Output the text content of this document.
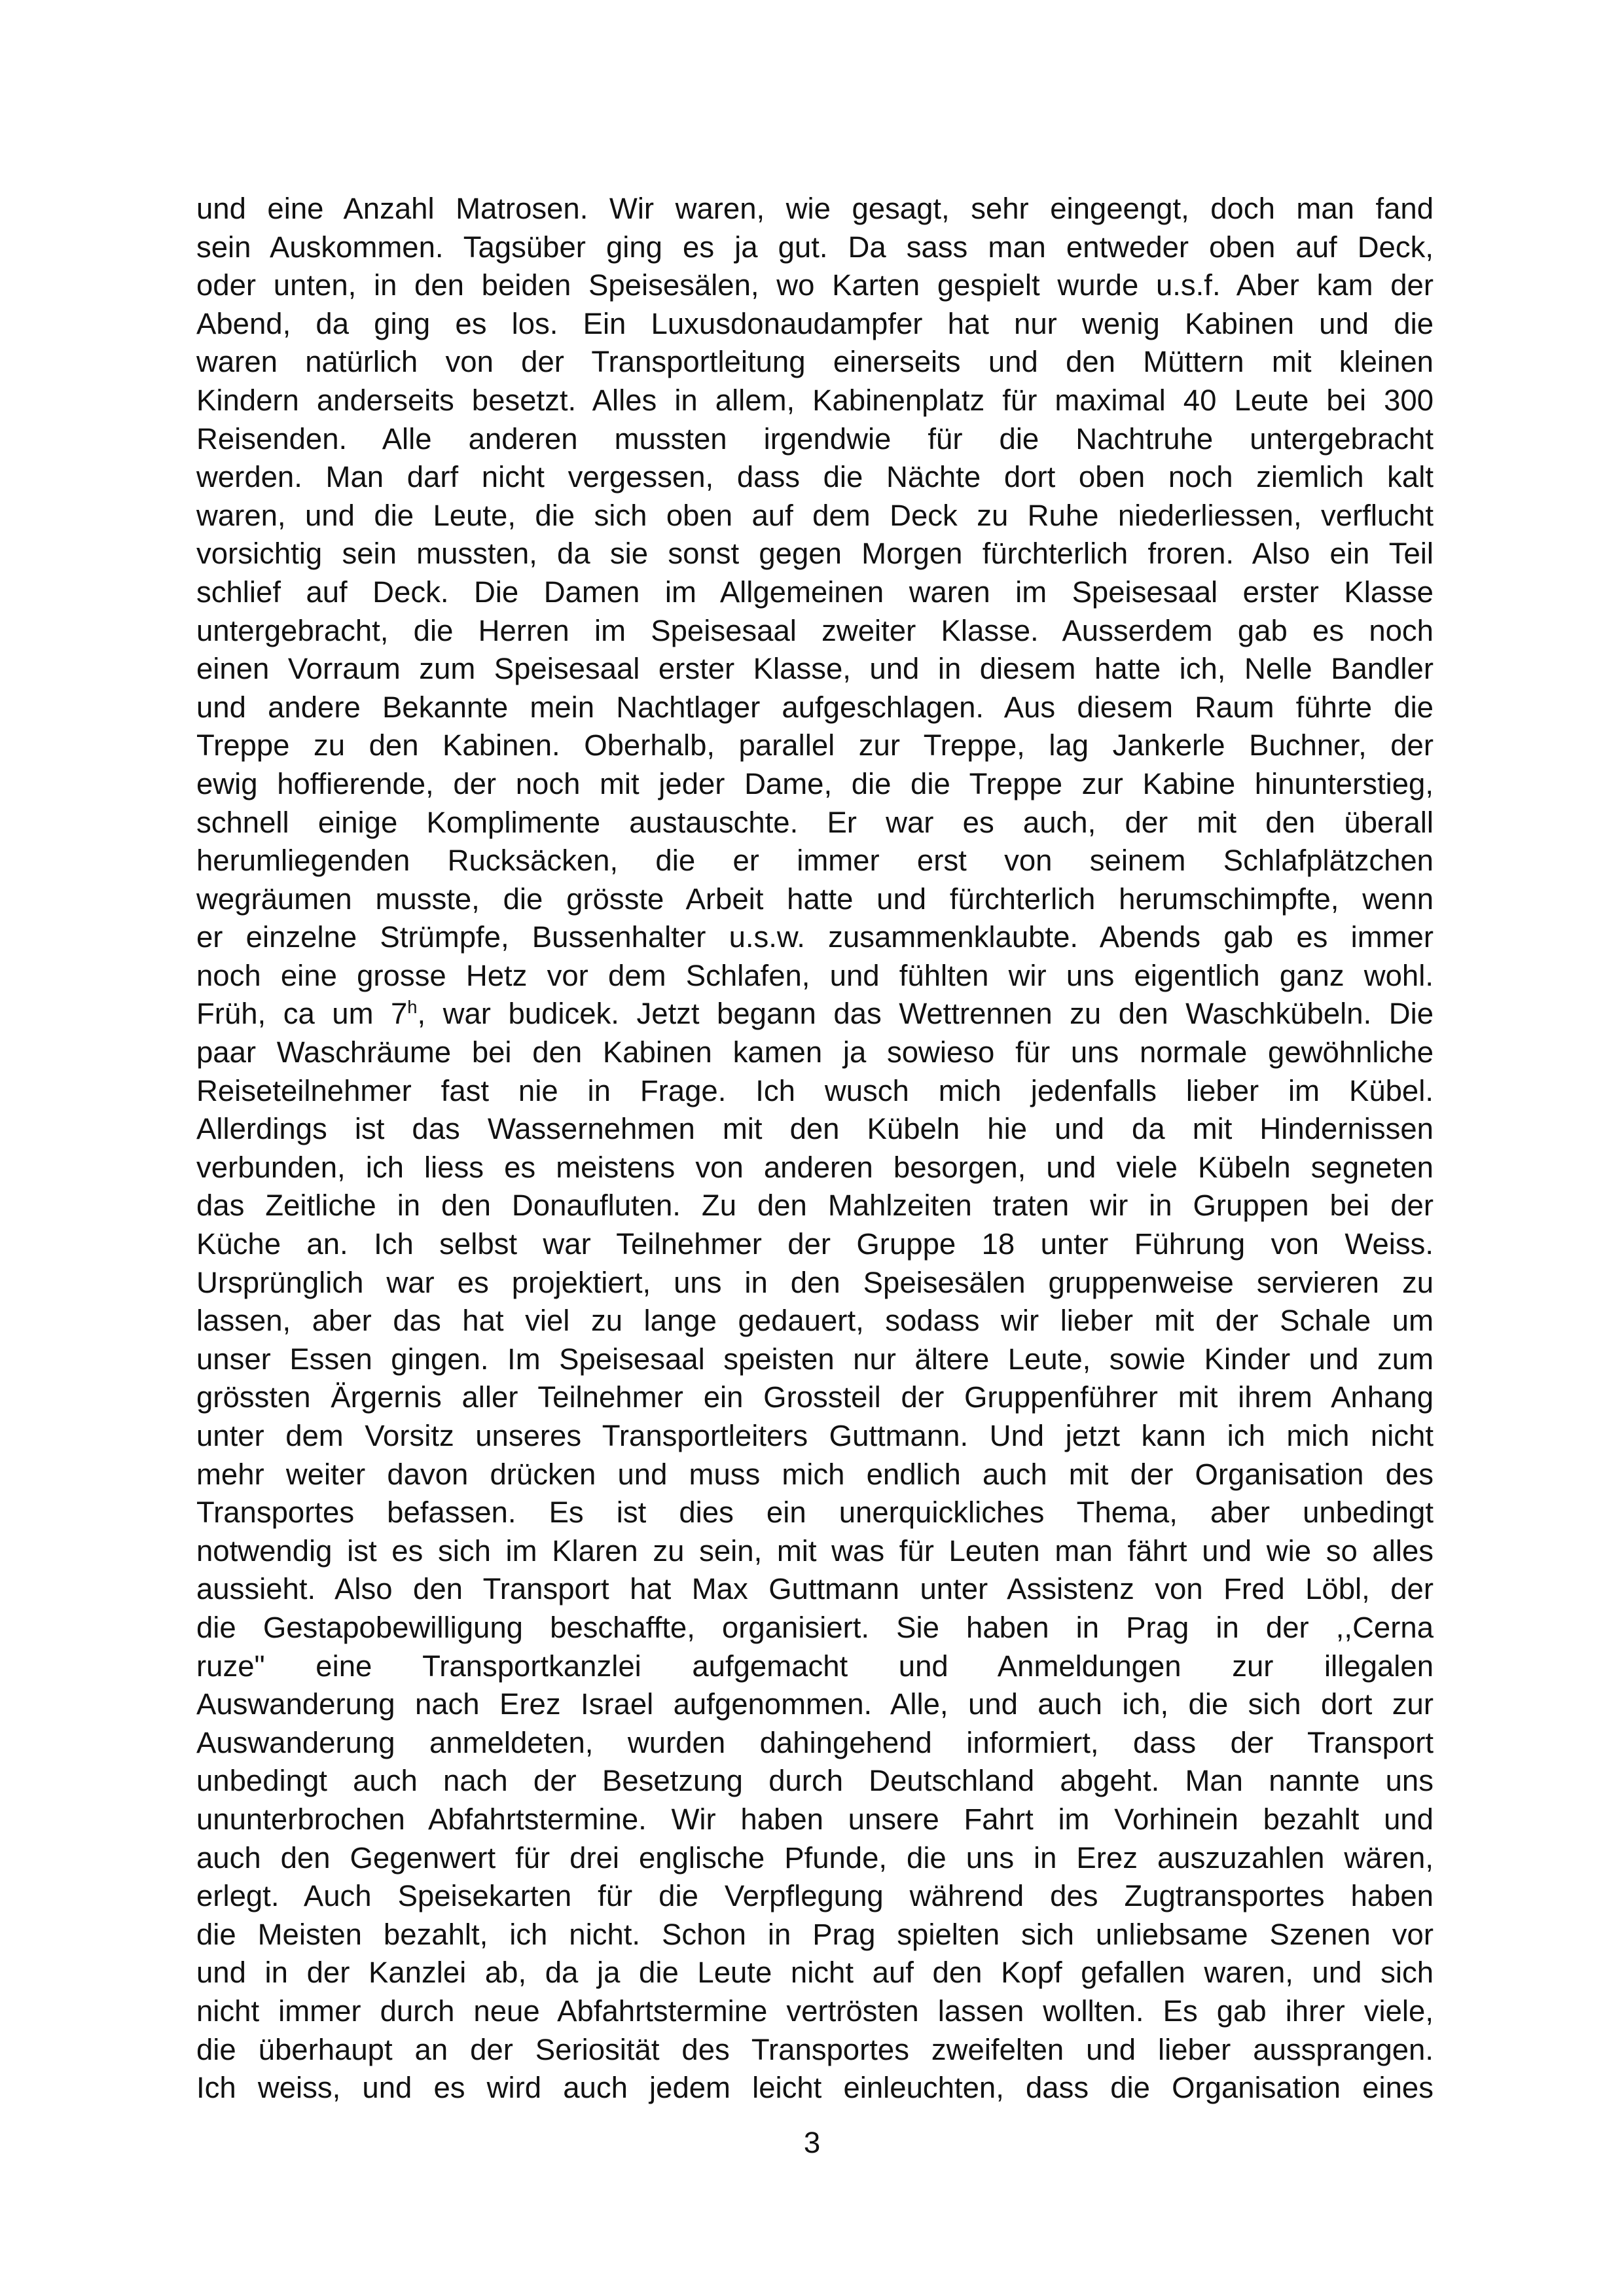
und eine Anzahl Matrosen. Wir waren, wie gesagt, sehr eingeengt, doch man fand
sein Auskommen. Tagsüber ging es ja gut. Da sass man entweder oben auf Deck,
oder unten, in den beiden Speisesälen, wo Karten gespielt wurde u.s.f. Aber kam der
Abend, da ging es los. Ein Luxusdonaudampfer hat nur wenig Kabinen und die
waren natürlich von der Transportleitung einerseits und den Müttern mit kleinen
Kindern anderseits besetzt. Alles in allem, Kabinenplatz für maximal 40 Leute bei 300
Reisenden. Alle anderen mussten irgendwie für die Nachtruhe untergebracht
werden. Man darf nicht vergessen, dass die Nächte dort oben noch ziemlich kalt
waren, und die Leute, die sich oben auf dem Deck zu Ruhe niederliessen, verflucht
vorsichtig sein mussten, da sie sonst gegen Morgen fürchterlich froren. Also ein Teil
schlief auf Deck. Die Damen im Allgemeinen waren im Speisesaal erster Klasse
untergebracht, die Herren im Speisesaal zweiter Klasse. Ausserdem gab es noch
einen Vorraum zum Speisesaal erster Klasse, und in diesem hatte ich, Nelle Bandler
und andere Bekannte mein Nachtlager aufgeschlagen. Aus diesem Raum führte die
Treppe zu den Kabinen. Oberhalb, parallel zur Treppe, lag Jankerle Buchner, der
ewig hoffierende, der noch mit jeder Dame, die die Treppe zur Kabine hinunterstieg,
schnell einige Komplimente austauschte. Er war es auch, der mit den überall
herumliegenden Rucksäcken, die er immer erst von seinem Schlafplätzchen
wegräumen musste, die grösste Arbeit hatte und fürchterlich herumschimpfte, wenn
er einzelne Strümpfe, Bussenhalter u.s.w. zusammenklaubte. Abends gab es immer
noch eine grosse Hetz vor dem Schlafen, und fühlten wir uns eigentlich ganz wohl.
Früh, ca um 7$^h$, war budicek. Jetzt begann das Wettrennen zu den Waschkübeln. Die
paar Waschräume bei den Kabinen kamen ja sowieso für uns normale gewöhnliche
Reiseteilnehmer fast nie in Frage. Ich wusch mich jedenfalls lieber im Kübel.
Allerdings ist das Wassernehmen mit den Kübeln hie und da mit Hindernissen
verbunden, ich liess es meistens von anderen besorgen, und viele Kübeln segneten
das Zeitliche in den Donaufluten. Zu den Mahlzeiten traten wir in Gruppen bei der
Küche an. Ich selbst war Teilnehmer der Gruppe 18 unter Führung von Weiss.
Ursprünglich war es projektiert, uns in den Speisesälen gruppenweise servieren zu
lassen, aber das hat viel zu lange gedauert, sodass wir lieber mit der Schale um
unser Essen gingen. Im Speisesaal speisten nur ältere Leute, sowie Kinder und zum
grössten Ärgernis aller Teilnehmer ein Grossteil der Gruppenführer mit ihrem Anhang
unter dem Vorsitz unseres Transportleiters Guttmann. Und jetzt kann ich mich nicht
mehr weiter davon drücken und muss mich endlich auch mit der Organisation des
Transportes befassen. Es ist dies ein unerquickliches Thema, aber unbedingt
notwendig ist es sich im Klaren zu sein, mit was für Leuten man fährt und wie so alles
aussieht. Also den Transport hat Max Guttmann unter Assistenz von Fred Löbl, der
die Gestapobewilligung beschaffte, organisiert. Sie haben in Prag in der ,,Cerna
ruze" eine Transportkanzlei aufgemacht und Anmeldungen zur illegalen
Auswanderung nach Erez Israel aufgenommen. Alle, und auch ich, die sich dort zur
Auswanderung anmeldeten, wurden dahingehend informiert, dass der Transport
unbedingt auch nach der Besetzung durch Deutschland abgeht. Man nannte uns
ununterbrochen Abfahrtstermine. Wir haben unsere Fahrt im Vorhinein bezahlt und
auch den Gegenwert für drei englische Pfunde, die uns in Erez auszuzahlen wären,
erlegt. Auch Speisekarten für die Verpflegung während des Zugtransportes haben
die Meisten bezahlt, ich nicht. Schon in Prag spielten sich unliebsame Szenen vor
und in der Kanzlei ab, da ja die Leute nicht auf den Kopf gefallen waren, und sich
nicht immer durch neue Abfahrtstermine vertrösten lassen wollten. Es gab ihrer viele,
die überhaupt an der Seriosität des Transportes zweifelten und lieber aussprangen.
Ich weiss, und es wird auch jedem leicht einleuchten, dass die Organisation eines
3
